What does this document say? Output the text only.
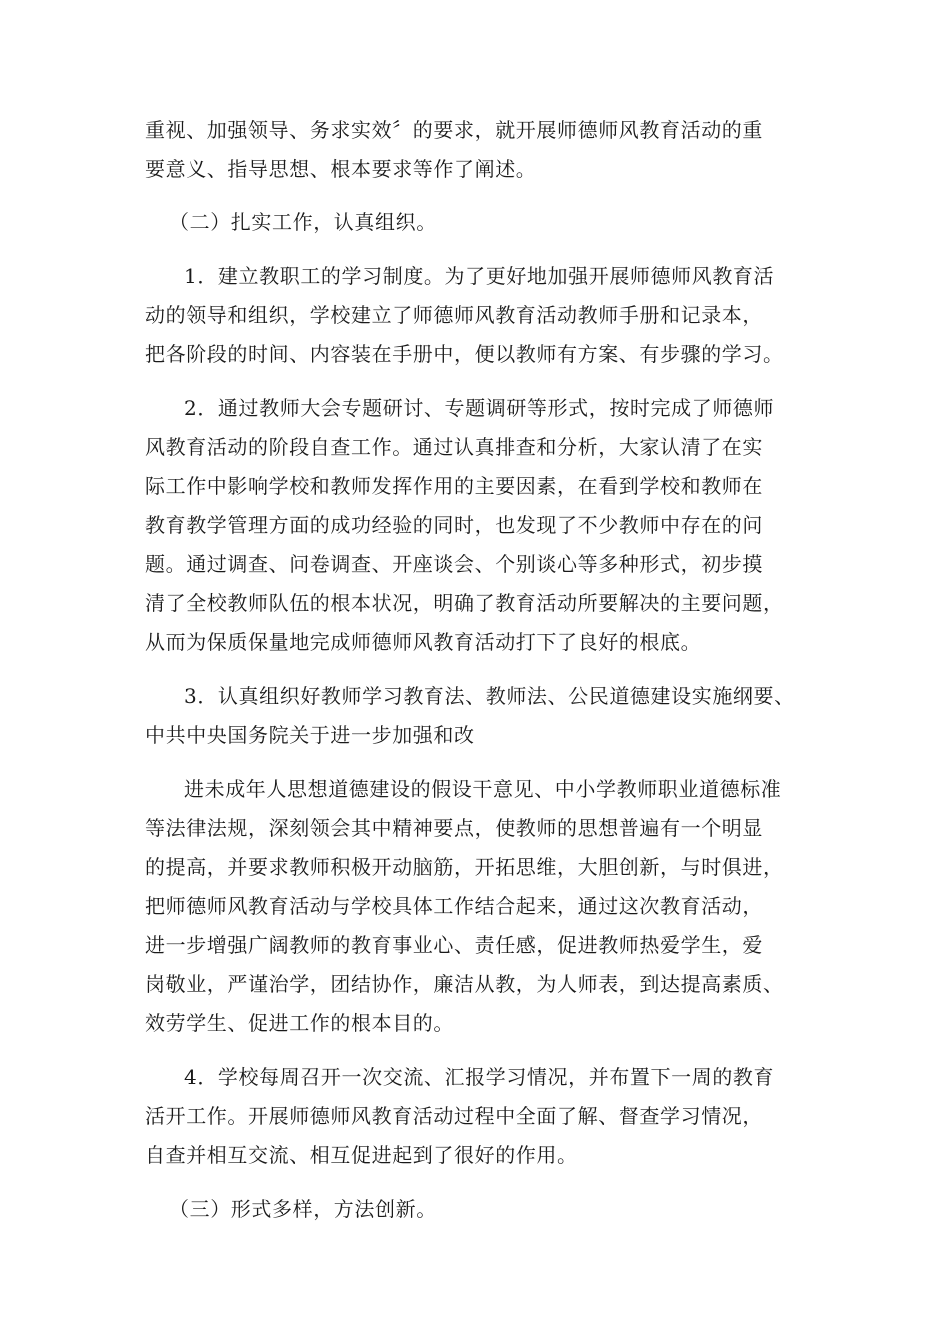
重视、加强领导、务求实效〞的要求，就开展师德师风教育活动的重
要意义、指导思想、根本要求等作了阐述。
（二）扎实工作，认真组织。
1．建立教职工的学习制度。为了更好地加强开展师德师风教育活
动的领导和组织，学校建立了师德师风教育活动教师手册和记录本，
把各阶段的时间、内容装在手册中，便以教师有方案、有步骤的学习。
2．通过教师大会专题研讨、专题调研等形式，按时完成了师德师
风教育活动的阶段自查工作。通过认真排查和分析，大家认清了在实
际工作中影响学校和教师发挥作用的主要因素，在看到学校和教师在
教育教学管理方面的成功经验的同时，也发现了不少教师中存在的问
题。通过调查、问卷调查、开座谈会、个别谈心等多种形式，初步摸
清了全校教师队伍的根本状况，明确了教育活动所要解决的主要问题，
从而为保质保量地完成师德师风教育活动打下了良好的根底。
3．认真组织好教师学习教育法、教师法、公民道德建设实施纲要、
中共中央国务院关于进一步加强和改
进未成年人思想道德建设的假设干意见、中小学教师职业道德标准
等法律法规，深刻领会其中精神要点，使教师的思想普遍有一个明显
的提高，并要求教师积极开动脑筋，开拓思维，大胆创新，与时俱进，
把师德师风教育活动与学校具体工作结合起来，通过这次教育活动，
进一步增强广阔教师的教育事业心、责任感，促进教师热爱学生，爱
岗敬业，严谨治学，团结协作，廉洁从教，为人师表，到达提高素质、
效劳学生、促进工作的根本目的。
4．学校每周召开一次交流、汇报学习情况，并布置下一周的教育
活开工作。开展师德师风教育活动过程中全面了解、督查学习情况，
自查并相互交流、相互促进起到了很好的作用。
（三）形式多样，方法创新。
